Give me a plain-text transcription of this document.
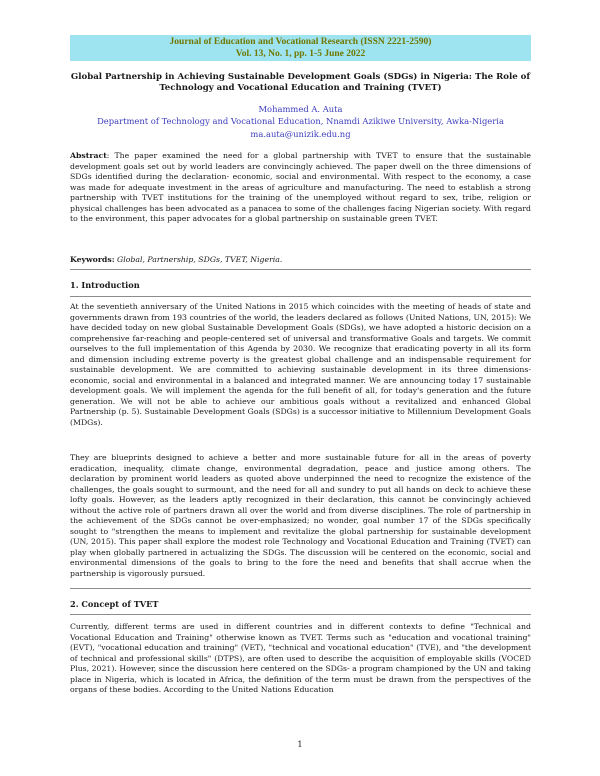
Journal of Education and Vocational Research (ISSN 2221-2590)
Vol. 13, No. 1, pp. 1-5 June 2022
Global Partnership in Achieving Sustainable Development Goals (SDGs) in Nigeria: The Role of
Technology and Vocational Education and Training (TVET)
Mohammed A. Auta
Department of Technology and Vocational Education, Nnamdi Azikiwe University, Awka-Nigeria
ma.auta@unizik.edu.ng
Abstract: The paper examined the need for a global partnership with TVET to ensure that the sustainable development goals set out by world leaders are convincingly achieved. The paper dwell on the three dimensions of SDGs identified during the declaration- economic, social and environmental. With respect to the economy, a case was made for adequate investment in the areas of agriculture and manufacturing. The need to establish a strong partnership with TVET institutions for the training of the unemployed without regard to sex, tribe, religion or physical challenges has been advocated as a panacea to some of the challenges facing Nigerian society. With regard to the environment, this paper advocates for a global partnership on sustainable green TVET.
Keywords: Global, Partnership, SDGs, TVET, Nigeria.
1. Introduction
At the seventieth anniversary of the United Nations in 2015 which coincides with the meeting of heads of state and governments drawn from 193 countries of the world, the leaders declared as follows (United Nations, UN, 2015): We have decided today on new global Sustainable Development Goals (SDGs), we have adopted a historic decision on a comprehensive far-reaching and people-centered set of universal and transformative Goals and targets. We commit ourselves to the full implementation of this Agenda by 2030. We recognize that eradicating poverty in all its form and dimension including extreme poverty is the greatest global challenge and an indispensable requirement for sustainable development. We are committed to achieving sustainable development in its three dimensions- economic, social and environmental in a balanced and integrated manner. We are announcing today 17 sustainable development goals. We will implement the agenda for the full benefit of all, for today's generation and the future generation. We will not be able to achieve our ambitious goals without a revitalized and enhanced Global Partnership (p. 5). Sustainable Development Goals (SDGs) is a successor initiative to Millennium Development Goals (MDGs).
They are blueprints designed to achieve a better and more sustainable future for all in the areas of poverty eradication, inequality, climate change, environmental degradation, peace and justice among others. The declaration by prominent world leaders as quoted above underpinned the need to recognize the existence of the challenges, the goals sought to surmount, and the need for all and sundry to put all hands on deck to achieve these lofty goals. However, as the leaders aptly recognized in their declaration, this cannot be convincingly achieved without the active role of partners drawn all over the world and from diverse disciplines. The role of partnership in the achievement of the SDGs cannot be over-emphasized; no wonder, goal number 17 of the SDGs specifically sought to "strengthen the means to implement and revitalize the global partnership for sustainable development (UN, 2015). This paper shall explore the modest role Technology and Vocational Education and Training (TVET) can play when globally partnered in actualizing the SDGs. The discussion will be centered on the economic, social and environmental dimensions of the goals to bring to the fore the need and benefits that shall accrue when the partnership is vigorously pursued.
2. Concept of TVET
Currently, different terms are used in different countries and in different contexts to define "Technical and Vocational Education and Training" otherwise known as TVET. Terms such as "education and vocational training" (EVT), "vocational education and training" (VET), "technical and vocational education" (TVE), and "the development of technical and professional skills" (DTPS), are often used to describe the acquisition of employable skills (VOCED Plus, 2021). However, since the discussion here centered on the SDGs- a program championed by the UN and taking place in Nigeria, which is located in Africa, the definition of the term must be drawn from the perspectives of the organs of these bodies. According to the United Nations Education
1
